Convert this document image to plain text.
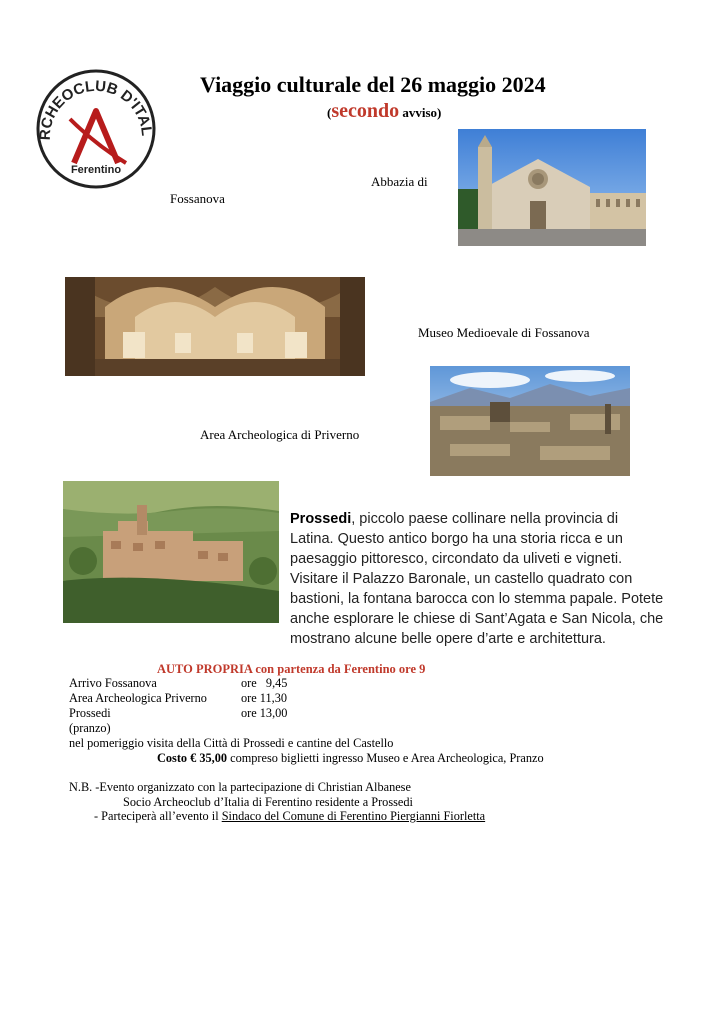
RCHEOCLUB D'ITAL
Ferentino
Viaggio culturale del 26 maggio 2024
(secondo avviso)
Abbazia di
Fossanova
Museo Medioevale di Fossanova
Area Archeologica di Priverno
Prossedi, piccolo paese collinare nella provincia di Latina. Questo antico borgo ha una storia ricca e un paesaggio pittoresco, circondato da uliveti e vigneti. Visitare il Palazzo Baronale, un castello quadrato con bastioni, la fontana barocca con lo stemma papale. Potete anche esplorare le chiese di Sant’Agata e San Nicola, che mostrano alcune belle opere d’arte e architettura.
AUTO PROPRIA con partenza da Ferentino ore 9
Arrivo Fossanova	ore   9,45
Area Archeologica Priverno	ore 11,30
Prossedi	ore 13,00
(pranzo)
nel pomeriggio visita della Città di Prossedi e cantine del Castello
Costo € 35,00 compreso biglietti ingresso Museo e Area Archeologica, Pranzo
N.B. -Evento organizzato con la partecipazione di Christian Albanese
Socio Archeoclub d’Italia di Ferentino residente a Prossedi
- Parteciperà all’evento il Sindaco del Comune di Ferentino Piergianni Fiorletta
